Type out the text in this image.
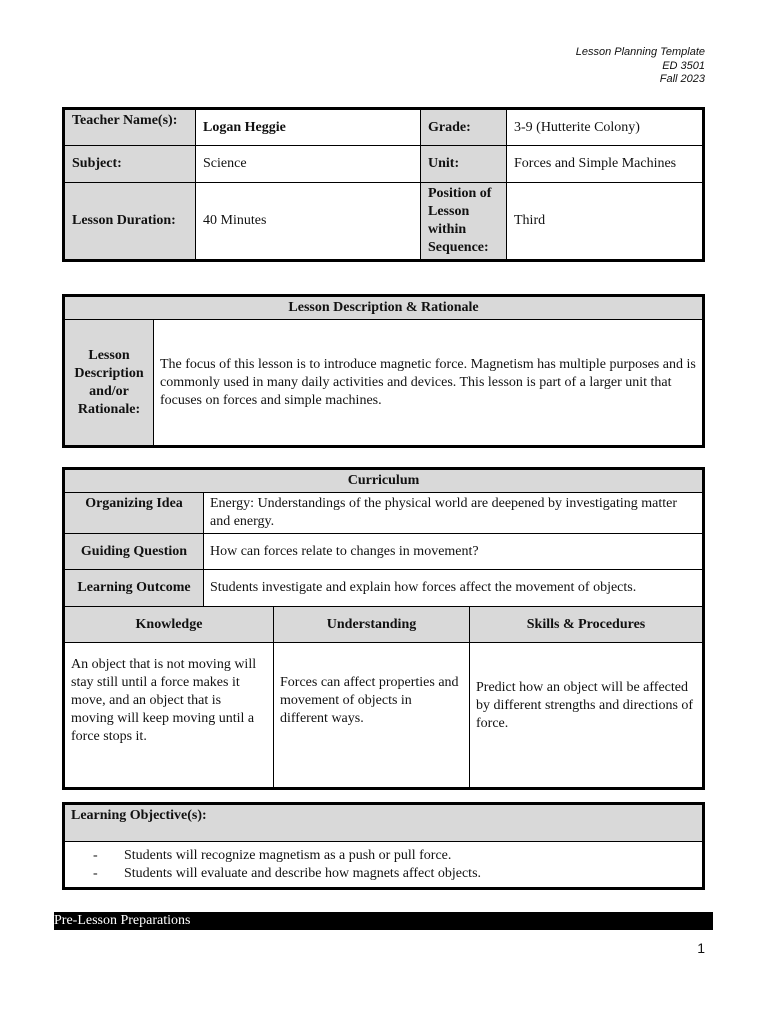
Lesson Planning Template
ED 3501
Fall 2023
Teacher Name(s):	Logan Heggie	Grade:	3-9 (Hutterite Colony)
Subject:	Science	Unit:	Forces and Simple Machines
Lesson Duration:	40 Minutes	Position of Lesson within Sequence:	Third
Lesson Description & Rationale
Lesson Description and/or Rationale:	The focus of this lesson is to introduce magnetic force. Magnetism has multiple purposes and is commonly used in many daily activities and devices. This lesson is part of a larger unit that focuses on forces and simple machines.
Curriculum			
Organizing Idea	Energy: Understandings of the physical world are deepened by investigating matter and energy.		
Guiding Question	How can forces relate to changes in movement?		
Learning Outcome	Students investigate and explain how forces affect the movement of objects.		
Knowledge		Understanding	Skills & Procedures
An object that is not moving will stay still until a force makes it move, and an object that is moving will keep moving until a force stops it.		Forces can affect properties and movement of objects in different ways.	Predict how an object will be affected by different strengths and directions of force.
Learning Objective(s):

- Students will recognize magnetism as a push or pull force.
- Students will evaluate and describe how magnets affect objects.
Pre-Lesson Preparations
1
